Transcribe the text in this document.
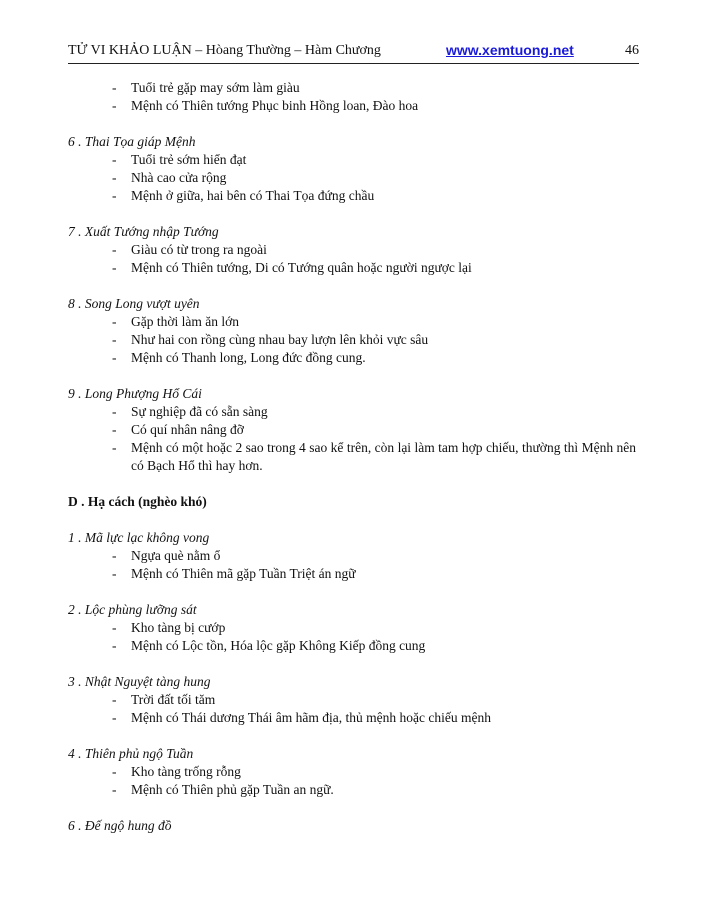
TỬ VI KHẢO LUẬN – Hòang Thường – Hàm Chương	www.xemtuong.net	46
- Tuổi trẻ gặp may sớm làm giàu
- Mệnh có Thiên tướng Phục binh Hồng loan, Đào hoa
6 . Thai Tọa giáp Mệnh
- Tuổi trẻ sớm hiển đạt
- Nhà cao cửa rộng
- Mệnh ở giữa, hai bên có Thai Tọa đứng chầu
7 . Xuất Tướng nhập Tướng
- Giàu có từ trong ra ngoài
- Mệnh có Thiên tướng, Di có Tướng quân hoặc người ngược lại
8 . Song Long vượt uyên
- Gặp thời làm ăn lớn
- Như hai con rồng cùng nhau bay lượn lên khỏi vực sâu
- Mệnh có Thanh long, Long đức đồng cung.
9 . Long Phượng Hổ Cái
- Sự nghiệp đã có sẵn sàng
- Có quí nhân nâng đỡ
- Mệnh có một hoặc 2 sao trong 4 sao kể trên, còn lại làm tam hợp chiếu, thường thì Mệnh nên có Bạch Hổ thì hay hơn.
D . Hạ cách (nghèo khó)
1 . Mã lực lạc không vong
- Ngựa què nằm ổ
- Mệnh có Thiên mã gặp Tuần Triệt án ngữ
2 . Lộc phùng lưỡng sát
- Kho tàng bị cướp
- Mệnh có Lộc tồn, Hóa lộc gặp Không Kiếp đồng cung
3 . Nhật Nguyệt tàng hung
- Trời đất tối tăm
- Mệnh có Thái dương Thái âm hãm địa, thủ mệnh hoặc chiếu mệnh
4 . Thiên phủ ngộ Tuần
- Kho tàng trống rỗng
- Mệnh có Thiên phủ gặp Tuần an ngữ.
6 . Đế ngộ hung đồ
